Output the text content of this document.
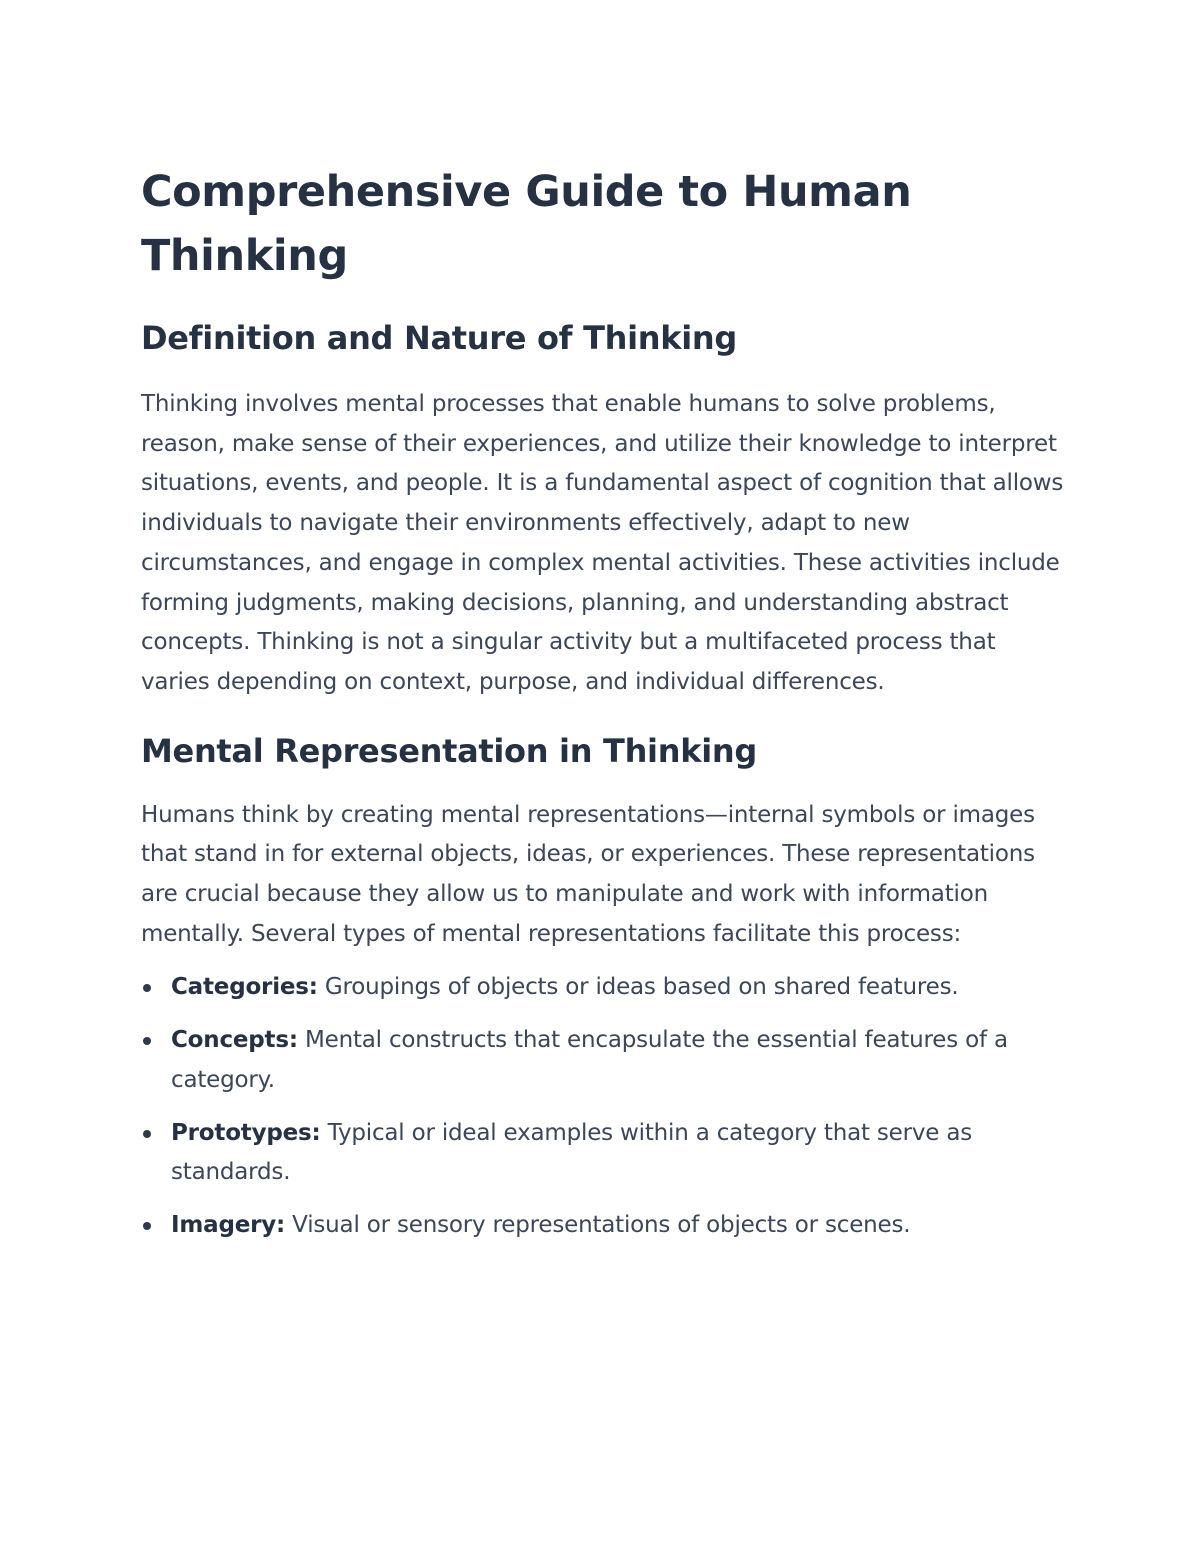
Comprehensive Guide to Human Thinking
Definition and Nature of Thinking

Thinking involves mental processes that enable humans to solve problems, reason, make sense of their experiences, and utilize their knowledge to interpret situations, events, and people. It is a fundamental aspect of cognition that allows individuals to navigate their environments effectively, adapt to new circumstances, and engage in complex mental activities. These activities include forming judgments, making decisions, planning, and understanding abstract concepts. Thinking is not a singular activity but a multifaceted process that varies depending on context, purpose, and individual differences.

Mental Representation in Thinking

Humans think by creating mental representations—internal symbols or images that stand in for external objects, ideas, or experiences. These representations are crucial because they allow us to manipulate and work with information mentally. Several types of mental representations facilitate this process:

Categories: Groupings of objects or ideas based on shared features.
Concepts: Mental constructs that encapsulate the essential features of a category.
Prototypes: Typical or ideal examples within a category that serve as standards.
Imagery: Visual or sensory representations of objects or scenes.
